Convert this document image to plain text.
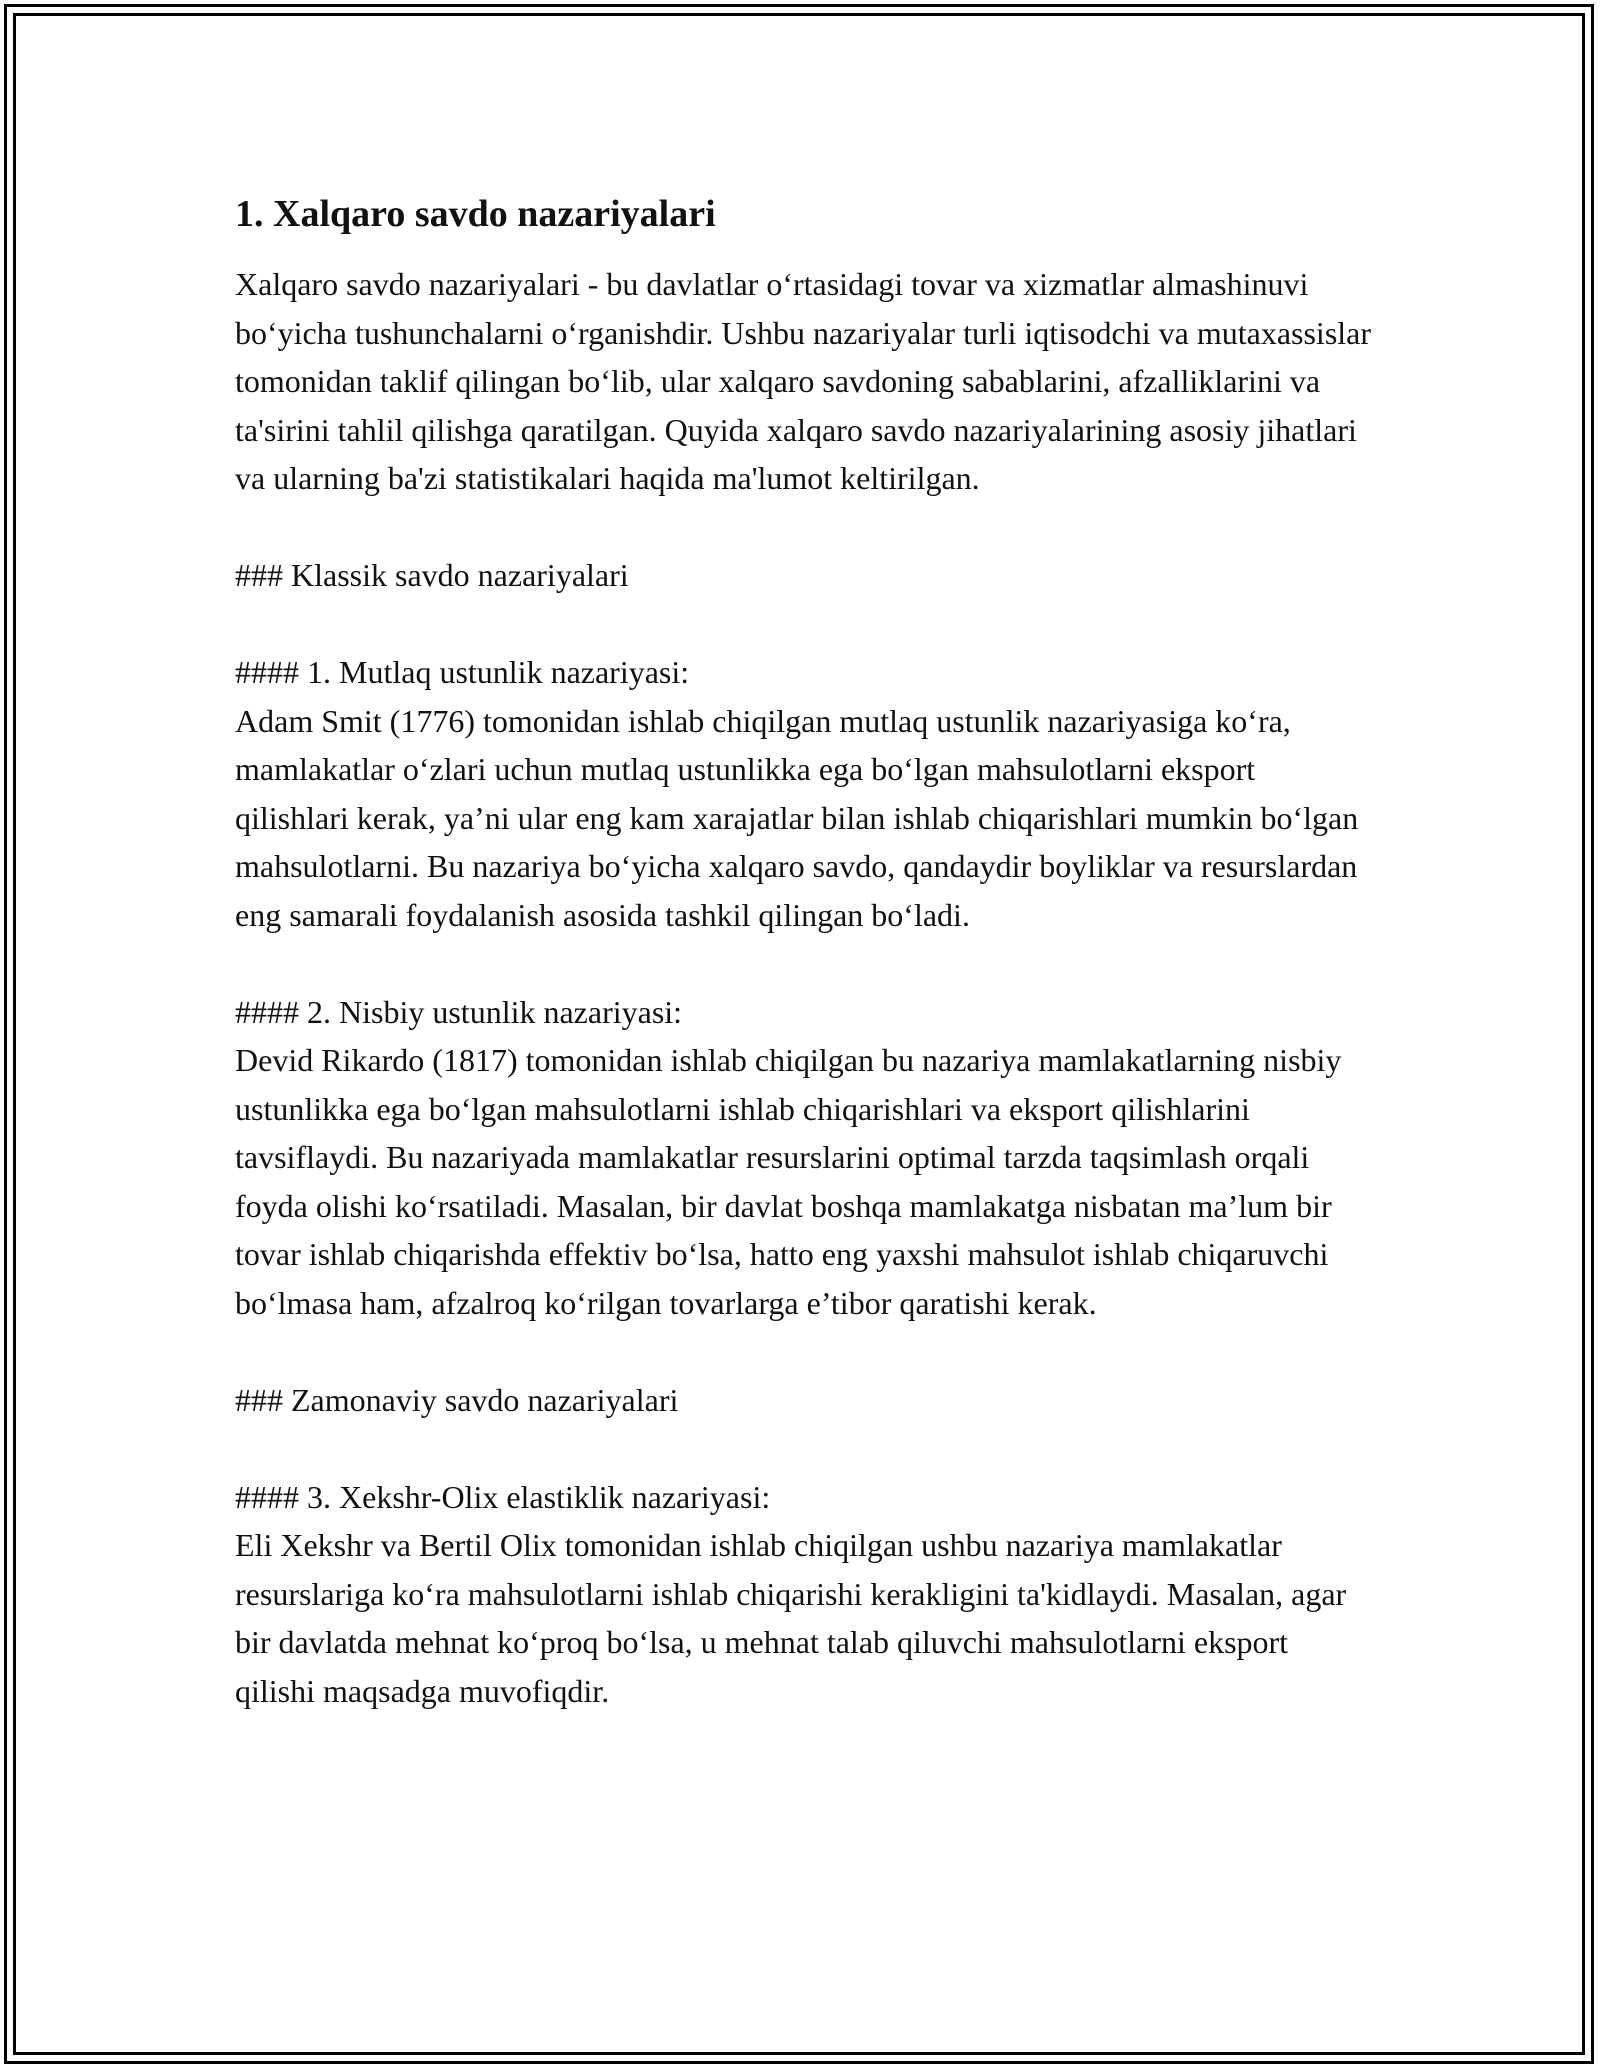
1. Xalqaro savdo nazariyalari
Xalqaro savdo nazariyalari - bu davlatlar o‘rtasidagi tovar va xizmatlar almashinuvi bo‘yicha tushunchalarni o‘rganishdir. Ushbu nazariyalar turli iqtisodchi va mutaxassislar tomonidan taklif qilingan bo‘lib, ular xalqaro savdoning sabablarini, afzalliklarini va ta'sirini tahlil qilishga qaratilgan. Quyida xalqaro savdo nazariyalarining asosiy jihatlari va ularning ba'zi statistikalari haqida ma'lumot keltirilgan.
### Klassik savdo nazariyalari
#### 1. Mutlaq ustunlik nazariyasi:
Adam Smit (1776) tomonidan ishlab chiqilgan mutlaq ustunlik nazariyasiga ko‘ra, mamlakatlar o‘zlari uchun mutlaq ustunlikka ega bo‘lgan mahsulotlarni eksport qilishlari kerak, ya’ni ular eng kam xarajatlar bilan ishlab chiqarishlari mumkin bo‘lgan mahsulotlarni. Bu nazariya bo‘yicha xalqaro savdo, qandaydir boyliklar va resurslardan eng samarali foydalanish asosida tashkil qilingan bo‘ladi.
#### 2. Nisbiy ustunlik nazariyasi:
Devid Rikardo (1817) tomonidan ishlab chiqilgan bu nazariya mamlakatlarning nisbiy ustunlikka ega bo‘lgan mahsulotlarni ishlab chiqarishlari va eksport qilishlarini tavsiflaydi. Bu nazariyada mamlakatlar resurslarini optimal tarzda taqsimlash orqali foyda olishi ko‘rsatiladi. Masalan, bir davlat boshqa mamlakatga nisbatan ma’lum bir tovar ishlab chiqarishda effektiv bo‘lsa, hatto eng yaxshi mahsulot ishlab chiqaruvchi bo‘lmasa ham, afzalroq ko‘rilgan tovarlarga e’tibor qaratishi kerak.
### Zamonaviy savdo nazariyalari
#### 3. Xekshr-Olix elastiklik nazariyasi:
Eli Xekshr va Bertil Olix tomonidan ishlab chiqilgan ushbu nazariya mamlakatlar resurslariga ko‘ra mahsulotlarni ishlab chiqarishi kerakligini ta'kidlaydi. Masalan, agar bir davlatda mehnat ko‘proq bo‘lsa, u mehnat talab qiluvchi mahsulotlarni eksport qilishi maqsadga muvofiqdir.
